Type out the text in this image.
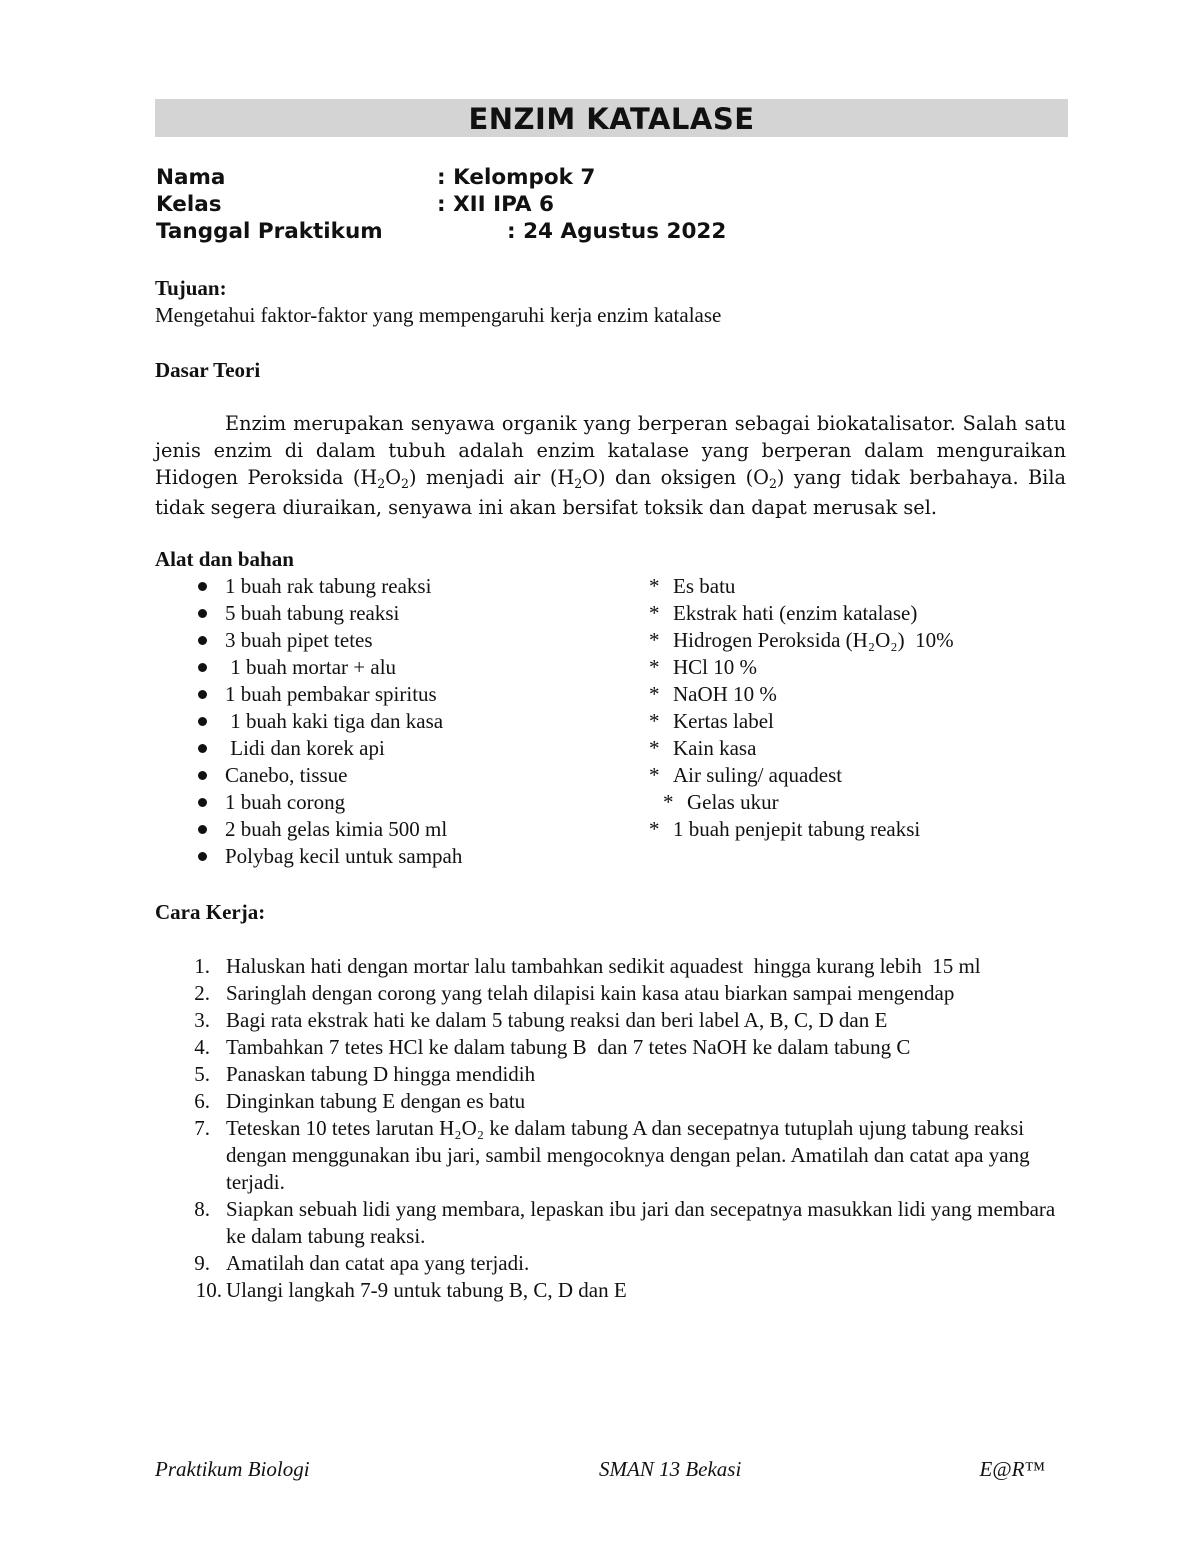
ENZIM KATALASE
Nama	: Kelompok 7
Kelas	: XII IPA 6
Tanggal Praktikum	: 24 Agustus 2022
Tujuan:
Mengetahui faktor-faktor yang mempengaruhi kerja enzim katalase
Dasar Teori
Enzim merupakan senyawa organik yang berperan sebagai biokatalisator. Salah satu jenis enzim di dalam tubuh adalah enzim katalase yang berperan dalam menguraikan Hidogen Peroksida $(H_2O_2)$ menjadi air $(H_2O)$ dan oksigen $(O_2)$ yang tidak berbahaya. Bila tidak segera diuraikan, senyawa ini akan bersifat toksik dan dapat merusak sel.
Alat dan bahan
1 buah rak tabung reaksi
5 buah tabung reaksi
3 buah pipet tetes
1 buah mortar + alu
1 buah pembakar spiritus
1 buah kaki tiga dan kasa
Lidi dan korek api
Canebo, tissue
1 buah corong
2 buah gelas kimia 500 ml
Polybag kecil untuk sampah
* Es batu
* Ekstrak hati (enzim katalase)
* Hidrogen Peroksida (H₂O₂)  10%
* HCl 10 %
* NaOH 10 %
* Kertas label
* Kain kasa
* Air suling/ aquadest
* Gelas ukur
* 1 buah penjepit tabung reaksi
Cara Kerja:
1. Haluskan hati dengan mortar lalu tambahkan sedikit aquadest  hingga kurang lebih  15 ml
2. Saringlah dengan corong yang telah dilapisi kain kasa atau biarkan sampai mengendap
3. Bagi rata ekstrak hati ke dalam 5 tabung reaksi dan beri label A, B, C, D dan E
4. Tambahkan 7 tetes HCl ke dalam tabung B  dan 7 tetes NaOH ke dalam tabung C
5. Panaskan tabung D hingga mendidih
6. Dinginkan tabung E dengan es batu
7. Teteskan 10 tetes larutan H₂O₂ ke dalam tabung A dan secepatnya tutuplah ujung tabung reaksi dengan menggunakan ibu jari, sambil mengocoknya dengan pelan. Amatilah dan catat apa yang terjadi.
8. Siapkan sebuah lidi yang membara, lepaskan ibu jari dan secepatnya masukkan lidi yang membara ke dalam tabung reaksi.
9. Amatilah dan catat apa yang terjadi.
10. Ulangi langkah 7-9 untuk tabung B, C, D dan E
Praktikum Biologi	SMAN 13 Bekasi	E@R™
